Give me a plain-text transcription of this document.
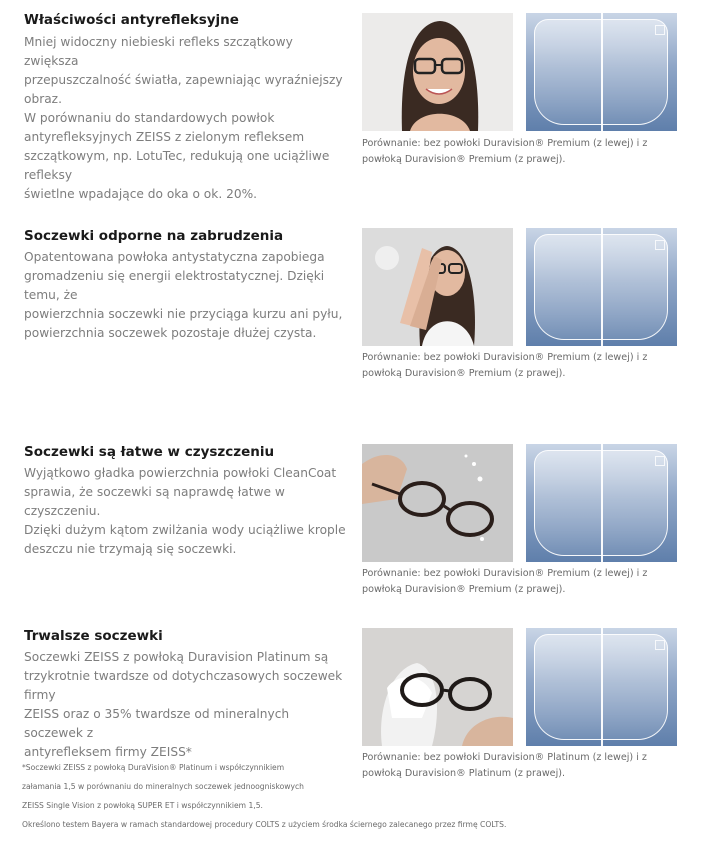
Właściwości antyrefleksyjne

Mniej widoczny niebieski refleks szczątkowy zwiększa
przepuszczalność światła, zapewniając wyraźniejszy obraz.
W porównaniu do standardowych powłok
antyrefleksyjnych ZEISS z zielonym refleksem
szczątkowym, np. LotuTec, redukują one uciążliwe refleksy
świetlne wpadające do oka o ok. 20%.

Porównanie: bez powłoki Duravision® Premium (z lewej) i z
powłoką Duravision® Premium (z prawej).

Soczewki odporne na zabrudzenia

Opatentowana powłoka antystatyczna zapobiega
gromadzeniu się energii elektrostatycznej. Dzięki temu, że
powierzchnia soczewki nie przyciąga kurzu ani pyłu,
powierzchnia soczewek pozostaje dłużej czysta.

Porównanie: bez powłoki Duravision® Premium (z lewej) i z
powłoką Duravision® Premium (z prawej).

Soczewki są łatwe w czyszczeniu

Wyjątkowo gładka powierzchnia powłoki CleanCoat
sprawia, że soczewki są naprawdę łatwe w czyszczeniu.
Dzięki dużym kątom zwilżania wody uciążliwe krople
deszczu nie trzymają się soczewki.

Porównanie: bez powłoki Duravision® Premium (z lewej) i z
powłoką Duravision® Premium (z prawej).

Trwalsze soczewki

Soczewki ZEISS z powłoką Duravision Platinum są
trzykrotnie twardsze od dotychczasowych soczewek firmy
ZEISS oraz o 35% twardsze od mineralnych soczewek z
antyrefleksem firmy ZEISS*	Porównanie: bez powłoki Duravision® Platinum (z lewej) i z
powłoką Duravision® Platinum (z prawej).

*Soczewki ZEISS z powłoką DuraVision® Platinum i współczynnikiem

załamania 1,5 w porównaniu do mineralnych soczewek jednoogniskowych

ZEISS Single Vision z powłoką SUPER ET i współczynnikiem 1,5.

Określono testem Bayera w ramach standardowej procedury COLTS z użyciem środka ściernego zalecanego przez firmę COLTS.
